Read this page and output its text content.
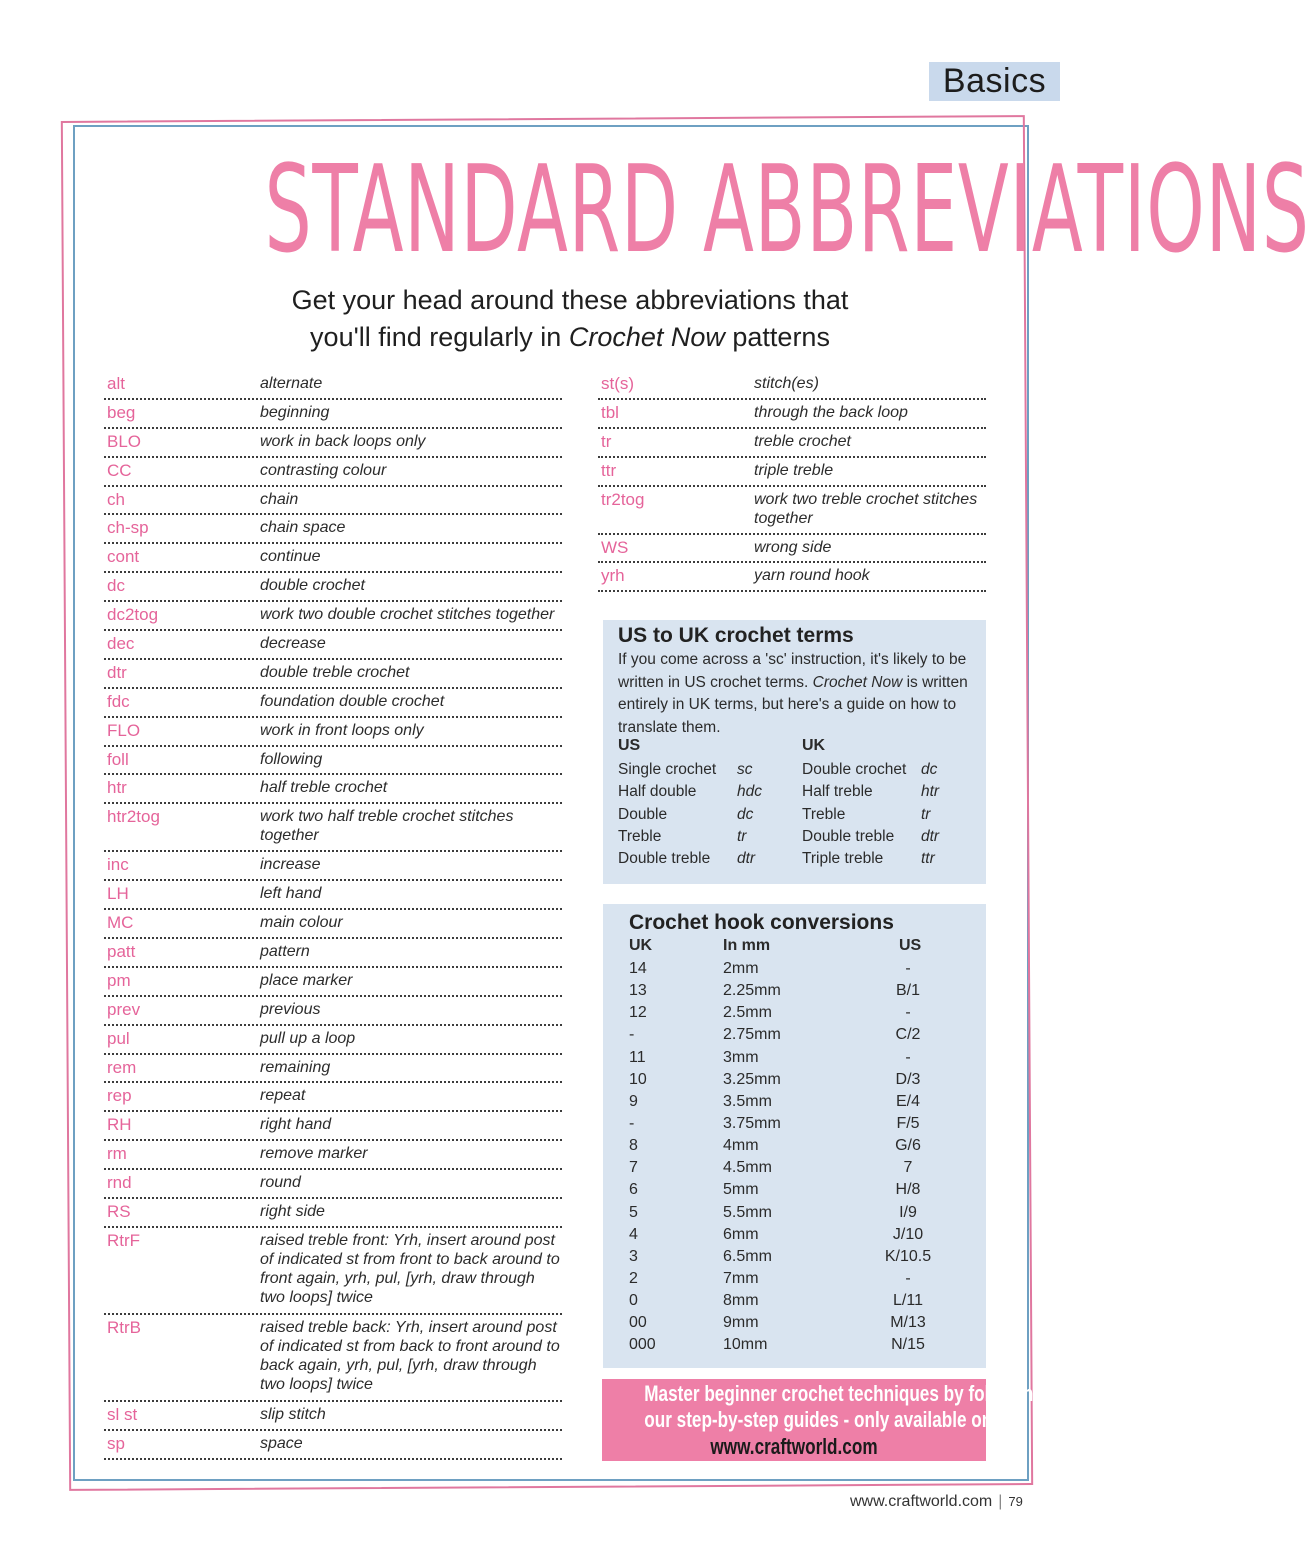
Basics
STANDARD ABBREVIATIONS
Get your head around these abbreviations that
you'll find regularly in Crochet Now patterns
alt	alternate
beg	beginning
BLO	work in back loops only
CC	contrasting colour
ch	chain
ch-sp	chain space
cont	continue
dc	double crochet
dc2tog	work two double crochet stitches together
dec	decrease
dtr	double treble crochet
fdc	foundation double crochet
FLO	work in front loops only
foll	following
htr	half treble crochet
htr2tog	work two half treble crochet stitches together
inc	increase
LH	left hand
MC	main colour
patt	pattern
pm	place marker
prev	previous
pul	pull up a loop
rem	remaining
rep	repeat
RH	right hand
rm	remove marker
rnd	round
RS	right side
RtrF	raised treble front: Yrh, insert around post of indicated st from front to back around to front again, yrh, pul, [yrh, draw through two loops] twice
RtrB	raised treble back: Yrh, insert around post of indicated st from back to front around to back again, yrh, pul, [yrh, draw through two loops] twice
sl st	slip stitch
sp	space
st(s)	stitch(es)
tbl	through the back loop
tr	treble crochet
ttr	triple treble
tr2tog	work two treble crochet stitches together
WS	wrong side
yrh	yarn round hook
US to UK crochet terms
If you come across a 'sc' instruction, it's likely to be written in US crochet terms. Crochet Now is written entirely in UK terms, but here's a guide on how to translate them.
US	UK
Single crochet sc	Double crochet dc
Half double	hdc	Half treble	htr
Double	dc	Treble	tr
Treble	tr	Double treble dtr
Double treble dtr	Triple treble ttr
Crochet hook conversions
UK	In mm	US
14	2mm	-
13	2.25mm	B/1
12	2.5mm	-
-	2.75mm	C/2
11	3mm	-
10	3.25mm	D/3
9	3.5mm	E/4
-	3.75mm	F/5
8	4mm	G/6
7	4.5mm	7
6	5mm	H/8
5	5.5mm	I/9
4	6mm	J/10
3	6.5mm	K/10.5
2	7mm	-
0	8mm	L/11
00	9mm	M/13
000	10mm	N/15
Master beginner crochet techniques by following
our step-by-step guides - only available on
www.craftworld.com
www.craftworld.com | 79
